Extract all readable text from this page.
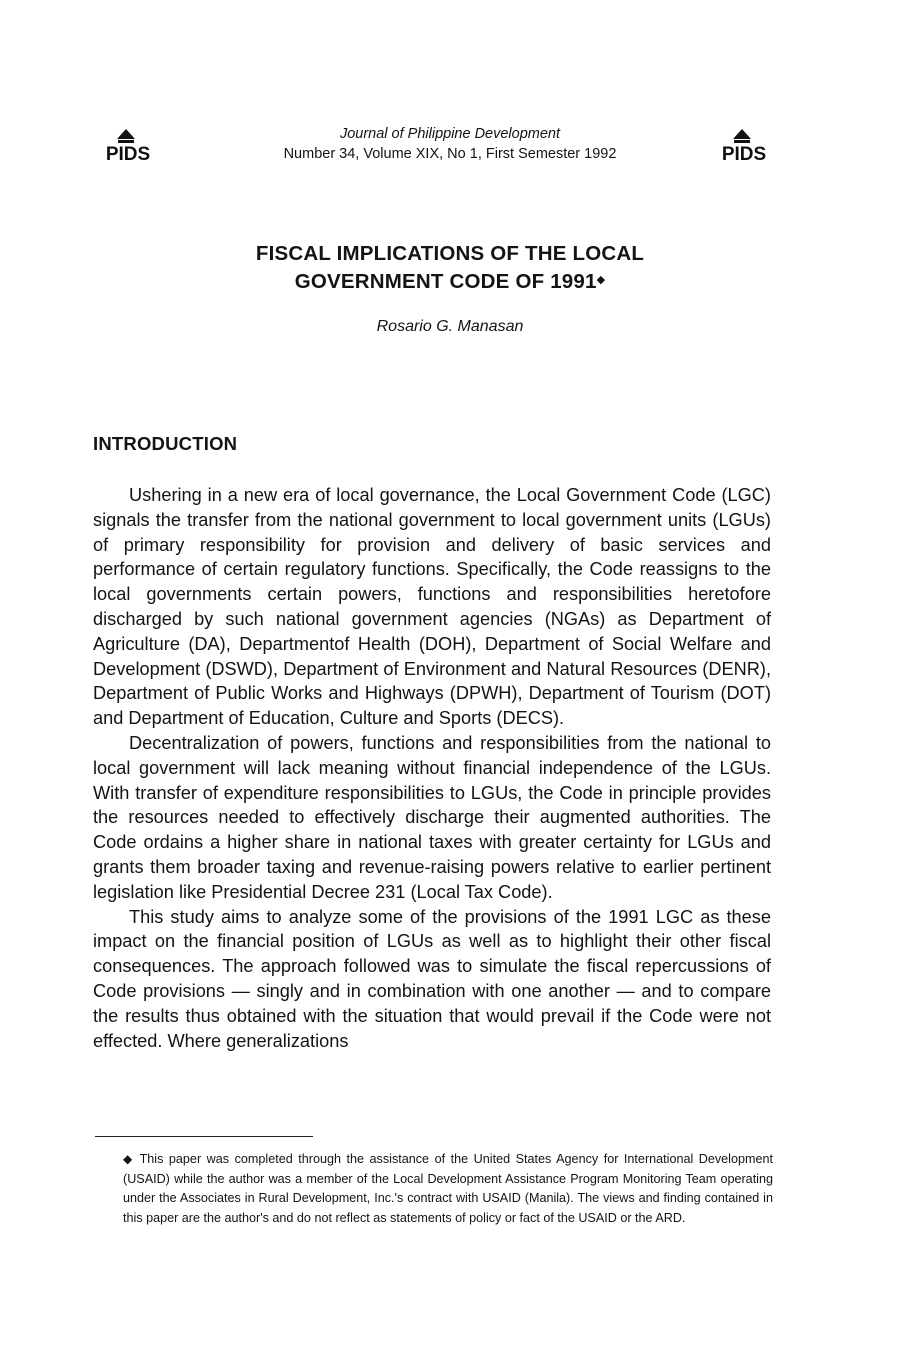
PIDS
Journal of Philippine Development
Number 34, Volume XIX, No 1, First Semester 1992	PIDS
FISCAL IMPLICATIONS OF THE LOCAL
GOVERNMENT CODE OF 1991◆
Rosario G. Manasan
INTRODUCTION

Ushering in a new era of local governance, the Local Government Code (LGC) signals the transfer from the national government to local government units (LGUs) of primary responsibility for provision and delivery of basic services and performance of certain regulatory functions. Specifically, the Code reassigns to the local governments certain powers, functions and responsibilities heretofore discharged by such national government agencies (NGAs) as Department of Agriculture (DA), Departmentof Health (DOH), Department of Social Welfare and Development (DSWD), Department of Environment and Natural Resources (DENR), Department of Public Works and Highways (DPWH), Department of Tourism (DOT) and Department of Education, Culture and Sports (DECS).

Decentralization of powers, functions and responsibilities from the national to local government will lack meaning without financial independence of the LGUs. With transfer of expenditure responsibilities to LGUs, the Code in principle provides the resources needed to effectively discharge their augmented authorities. The Code ordains a higher share in national taxes with greater certainty for LGUs and grants them broader taxing and revenue-raising powers relative to earlier pertinent legislation like Presidential Decree 231 (Local Tax Code).

This study aims to analyze some of the provisions of the 1991 LGC as these impact on the financial position of LGUs as well as to highlight their other fiscal consequences. The approach followed was to simulate the fiscal repercussions of Code provisions — singly and in combination with one another — and to compare the results thus obtained with the situation that would prevail if the Code were not effected. Where generalizations

◆ This paper was completed through the assistance of the United States Agency for International Development (USAID) while the author was a member of the Local Development Assistance Program Monitoring Team operating under the Associates in Rural Development, Inc.'s contract with USAID (Manila). The views and finding contained in this paper are the author's and do not reflect as statements of policy or fact of the USAID or the ARD.
